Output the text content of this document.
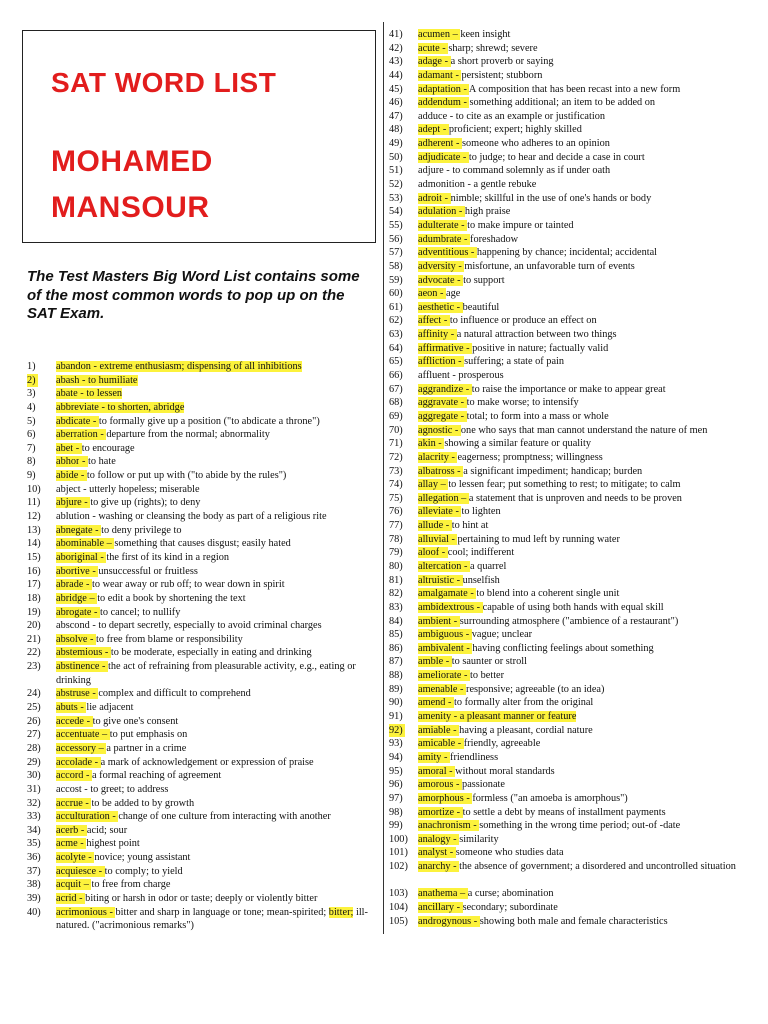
SAT WORD LIST
MOHAMED
MANSOUR
The Test Masters Big Word List contains some of the most common words to pop up on the SAT Exam.
1) abandon - extreme enthusiasm; dispensing of all inhibitions
2) abash - to humiliate
3) abate - to lessen
4) abbreviate - to shorten, abridge
5) abdicate - to formally give up a position ("to abdicate a throne")
6) aberration - departure from the normal; abnormality
7) abet - to encourage
8) abhor - to hate
9) abide - to follow or put up with ("to abide by the rules")
10) abject - utterly hopeless; miserable
11) abjure - to give up (rights); to deny
12) ablution - washing or cleansing the body as part of a religious rite
13) abnegate - to deny privilege to
14) abominable – something that causes disgust; easily hated
15) aboriginal - the first of its kind in a region
16) abortive - unsuccessful or fruitless
17) abrade - to wear away or rub off; to wear down in spirit
18) abridge – to edit a book by shortening the text
19) abrogate - to cancel; to nullify
20) abscond - to depart secretly, especially to avoid criminal charges
21) absolve - to free from blame or responsibility
22) abstemious - to be moderate, especially in eating and drinking
23) abstinence - the act of refraining from pleasurable activity, e.g., eating or drinking
24) abstruse - complex and difficult to comprehend
25) abuts - lie adjacent
26) accede - to give one's consent
27) accentuate – to put emphasis on
28) accessory – a partner in a crime
29) accolade - a mark of acknowledgement or expression of praise
30) accord - a formal reaching of agreement
31) accost - to greet; to address
32) accrue - to be added to by growth
33) acculturation - change of one culture from interacting with another
34) acerb - acid; sour
35) acme - highest point
36) acolyte - novice; young assistant
37) acquiesce - to comply; to yield
38) acquit – to free from charge
39) acrid - biting or harsh in odor or taste; deeply or violently bitter
40) acrimonious - bitter and sharp in language or tone; mean-spirited; bitter; ill-natured. ("acrimonious remarks")
41) acumen – keen insight
42) acute - sharp; shrewd; severe
43) adage - a short proverb or saying
44) adamant - persistent; stubborn
45) adaptation - A composition that has been recast into a new form
46) addendum - something additional; an item to be added on
47) adduce - to cite as an example or justification
48) adept - proficient; expert; highly skilled
49) adherent - someone who adheres to an opinion
50) adjudicate - to judge; to hear and decide a case in court
51) adjure - to command solemnly as if under oath
52) admonition - a gentle rebuke
53) adroit - nimble; skillful in the use of one's hands or body
54) adulation - high praise
55) adulterate - to make impure or tainted
56) adumbrate - foreshadow
57) adventitious - happening by chance; incidental; accidental
58) adversity - misfortune, an unfavorable turn of events
59) advocate - to support
60) aeon - age
61) aesthetic - beautiful
62) affect - to influence or produce an effect on
63) affinity - a natural attraction between two things
64) affirmative - positive in nature; factually valid
65) affliction - suffering; a state of pain
66) affluent - prosperous
67) aggrandize - to raise the importance or make to appear great
68) aggravate - to make worse; to intensify
69) aggregate - total; to form into a mass or whole
70) agnostic - one who says that man cannot understand the nature of men
71) akin - showing a similar feature or quality
72) alacrity - eagerness; promptness; willingness
73) albatross - a significant impediment; handicap; burden
74) allay – to lessen fear; put something to rest; to mitigate; to calm
75) allegation – a statement that is unproven and needs to be proven
76) alleviate - to lighten
77) allude - to hint at
78) alluvial - pertaining to mud left by running water
79) aloof - cool; indifferent
80) altercation - a quarrel
81) altruistic - unselfish
82) amalgamate - to blend into a coherent single unit
83) ambidextrous - capable of using both hands with equal skill
84) ambient - surrounding atmosphere ("ambience of a restaurant")
85) ambiguous - vague; unclear
86) ambivalent - having conflicting feelings about something
87) amble - to saunter or stroll
88) ameliorate - to better
89) amenable - responsive; agreeable (to an idea)
90) amend - to formally alter from the original
91) amenity - a pleasant manner or feature
92) amiable - having a pleasant, cordial nature
93) amicable - friendly, agreeable
94) amity - friendliness
95) amoral - without moral standards
96) amorous - passionate
97) amorphous - formless ("an amoeba is amorphous")
98) amortize - to settle a debt by means of installment payments
99) anachronism - something in the wrong time period; out-of -date
100) analogy - similarity
101) analyst - someone who studies data
102) anarchy - the absence of government; a disordered and uncontrolled situation
103) anathema – a curse; abomination
104) ancillary - secondary; subordinate
105) androgynous - showing both male and female characteristics
